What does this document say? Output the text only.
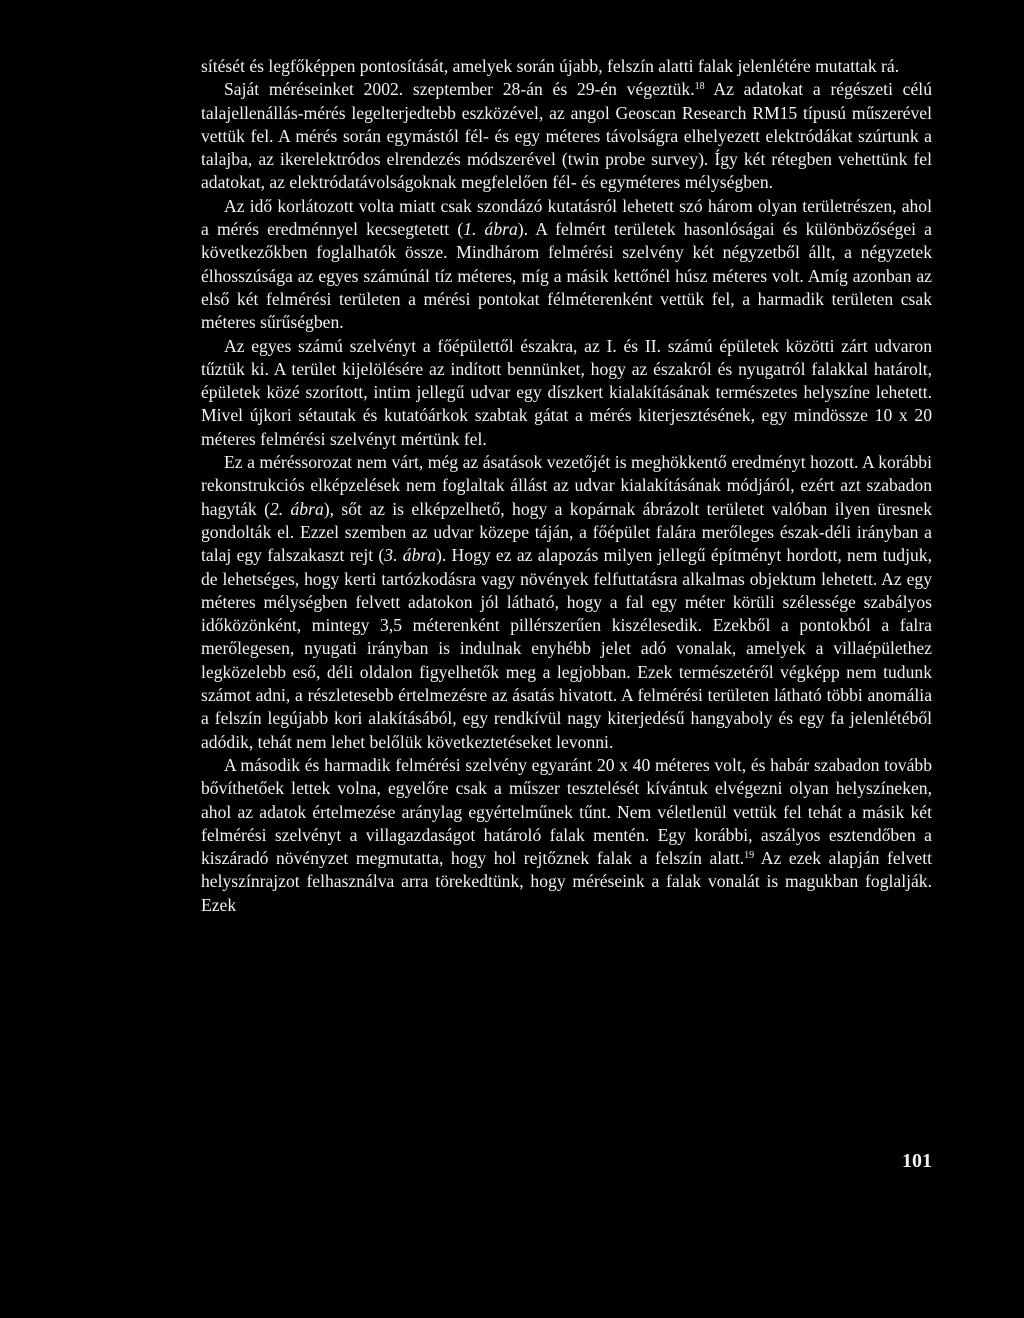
sítését és legfőképpen pontosítását, amelyek során újabb, felszín alatti falak jelenlétére mutattak rá.

Saját méréseinket 2002. szeptember 28-án és 29-én végeztük.$^{18}$ Az adatokat a régészeti célú talajellenállás-mérés legelterjedtebb eszközével, az angol Geoscan Research RM15 típusú műszerével vettük fel. A mérés során egymástól fél- és egy méteres távolságra elhelyezett elektródákat szúrtunk a talajba, az ikerelektródos elrendezés módszerével (twin probe survey). Így két rétegben vehettünk fel adatokat, az elektródatávolságoknak megfelelően fél- és egyméteres mélységben.

Az idő korlátozott volta miatt csak szondázó kutatásról lehetett szó három olyan területrészen, ahol a mérés eredménnyel kecsegtetett (1. ábra). A felmért területek hasonlóságai és különbözőségei a következőkben foglalhatók össze. Mindhárom felmérési szelvény két négyzetből állt, a négyzetek élhosszúsága az egyes számúnál tíz méteres, míg a másik kettőnél húsz méteres volt. Amíg azonban az első két felmérési területen a mérési pontokat félméterenként vettük fel, a harmadik területen csak méteres sűrűségben.

Az egyes számú szelvényt a főépülettől északra, az I. és II. számú épületek közötti zárt udvaron tűztük ki. A terület kijelölésére az indított bennünket, hogy az északról és nyugatról falakkal határolt, épületek közé szorított, intim jellegű udvar egy díszkert kialakításának természetes helyszíne lehetett. Mivel újkori sétautak és kutatóárkok szabtak gátat a mérés kiterjesztésének, egy mindössze 10 x 20 méteres felmérési szelvényt mértünk fel.

Ez a méréssorozat nem várt, még az ásatások vezetőjét is meghökkentő eredményt hozott. A korábbi rekonstrukciós elképzelések nem foglaltak állást az udvar kialakításának módjáról, ezért azt szabadon hagyták (2. ábra), sőt az is elképzelhető, hogy a kopárnak ábrázolt területet valóban ilyen üresnek gondolták el. Ezzel szemben az udvar közepe táján, a főépület falára merőleges észak-déli irányban a talaj egy falszakaszt rejt (3. ábra). Hogy ez az alapozás milyen jellegű építményt hordott, nem tudjuk, de lehetséges, hogy kerti tartózkodásra vagy növények felfuttatásra alkalmas objektum lehetett. Az egy méteres mélységben felvett adatokon jól látható, hogy a fal egy méter körüli szélessége szabályos időközönként, mintegy 3,5 méterenként pillérszerűen kiszélesedik. Ezekből a pontokból a falra merőlegesen, nyugati irányban is indulnak enyhébb jelet adó vonalak, amelyek a villaépülethez legközelebb eső, déli oldalon figyelhetők meg a legjobban. Ezek természetéről végképp nem tudunk számot adni, a részletesebb értelmezésre az ásatás hivatott. A felmérési területen látható többi anomália a felszín legújabb kori alakításából, egy rendkívül nagy kiterjedésű hangyaboly és egy fa jelenlétéből adódik, tehát nem lehet belőlük következtetéseket levonni.

A második és harmadik felmérési szelvény egyaránt 20 x 40 méteres volt, és habár szabadon tovább bővíthetőek lettek volna, egyelőre csak a műszer tesztelését kívántuk elvégezni olyan helyszíneken, ahol az adatok értelmezése aránylag egyértelműnek tűnt. Nem véletlenül vettük fel tehát a másik két felmérési szelvényt a villagazdaságot határoló falak mentén. Egy korábbi, aszályos esztendőben a kiszáradó növényzet megmutatta, hogy hol rejtőznek falak a felszín alatt.$^{19}$ Az ezek alapján felvett helyszínrajzot felhasználva arra törekedtünk, hogy méréseink a falak vonalát is magukban foglalják. Ezek

101
